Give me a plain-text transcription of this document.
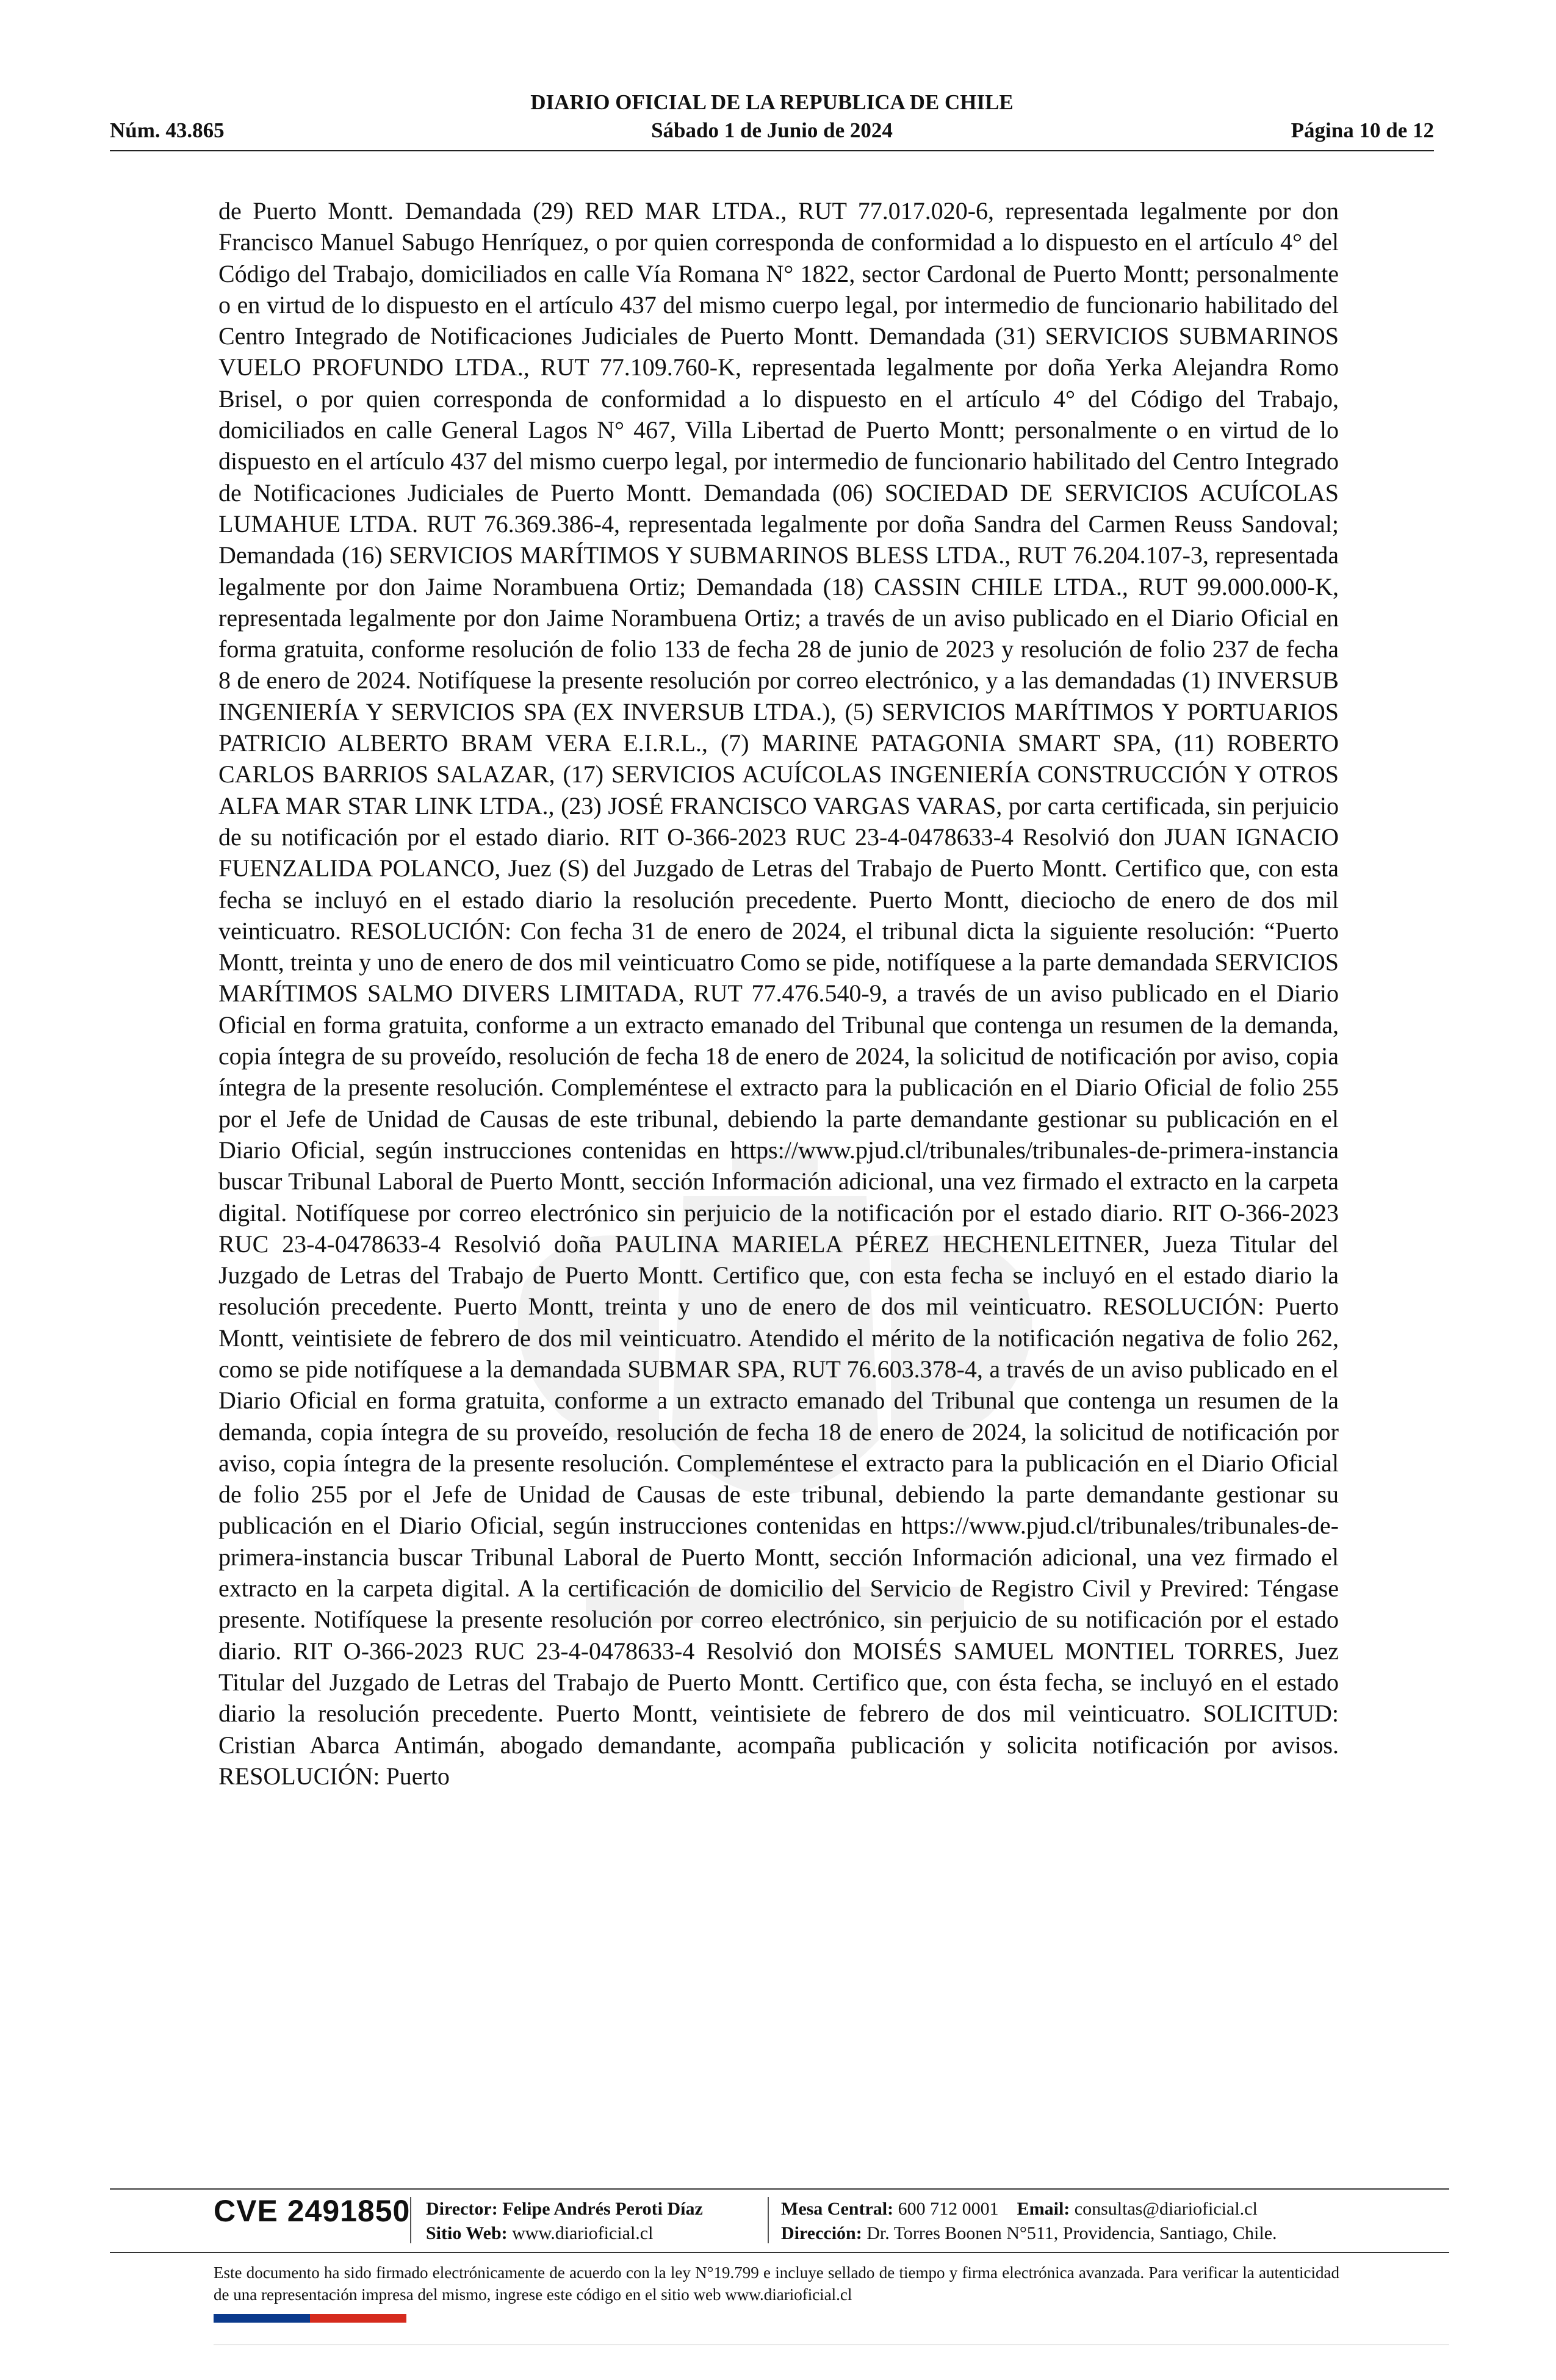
DIARIO OFICIAL DE LA REPUBLICA DE CHILE
Núm. 43.865	Sábado 1 de Junio de 2024	Página 10 de 12

de Puerto Montt. Demandada (29) RED MAR LTDA., RUT 77.017.020-6, representada legalmente por don Francisco Manuel Sabugo Henríquez, o por quien corresponda de conformidad a lo dispuesto en el artículo 4° del Código del Trabajo, domiciliados en calle Vía Romana N° 1822, sector Cardonal de Puerto Montt; personalmente o en virtud de lo dispuesto en el artículo 437 del mismo cuerpo legal, por intermedio de funcionario habilitado del Centro Integrado de Notificaciones Judiciales de Puerto Montt. Demandada (31) SERVICIOS SUBMARINOS VUELO PROFUNDO LTDA., RUT 77.109.760-K, representada legalmente por doña Yerka Alejandra Romo Brisel, o por quien corresponda de conformidad a lo dispuesto en el artículo 4° del Código del Trabajo, domiciliados en calle General Lagos N° 467, Villa Libertad de Puerto Montt; personalmente o en virtud de lo dispuesto en el artículo 437 del mismo cuerpo legal, por intermedio de funcionario habilitado del Centro Integrado de Notificaciones Judiciales de Puerto Montt. Demandada (06) SOCIEDAD DE SERVICIOS ACUÍCOLAS LUMAHUE LTDA. RUT 76.369.386-4, representada legalmente por doña Sandra del Carmen Reuss Sandoval; Demandada (16) SERVICIOS MARÍTIMOS Y SUBMARINOS BLESS LTDA., RUT 76.204.107-3, representada legalmente por don Jaime Norambuena Ortiz; Demandada (18) CASSIN CHILE LTDA., RUT 99.000.000-K, representada legalmente por don Jaime Norambuena Ortiz; a través de un aviso publicado en el Diario Oficial en forma gratuita, conforme resolución de folio 133 de fecha 28 de junio de 2023 y resolución de folio 237 de fecha 8 de enero de 2024. Notifíquese la presente resolución por correo electrónico, y a las demandadas (1) INVERSUB INGENIERÍA Y SERVICIOS SPA (EX INVERSUB LTDA.), (5) SERVICIOS MARÍTIMOS Y PORTUARIOS PATRICIO ALBERTO BRAM VERA E.I.R.L., (7) MARINE PATAGONIA SMART SPA, (11) ROBERTO CARLOS BARRIOS SALAZAR, (17) SERVICIOS ACUÍCOLAS INGENIERÍA CONSTRUCCIÓN Y OTROS ALFA MAR STAR LINK LTDA., (23) JOSÉ FRANCISCO VARGAS VARAS, por carta certificada, sin perjuicio de su notificación por el estado diario. RIT O-366-2023 RUC 23-4-0478633-4 Resolvió don JUAN IGNACIO FUENZALIDA POLANCO, Juez (S) del Juzgado de Letras del Trabajo de Puerto Montt. Certifico que, con esta fecha se incluyó en el estado diario la resolución precedente. Puerto Montt, dieciocho de enero de dos mil veinticuatro. RESOLUCIÓN: Con fecha 31 de enero de 2024, el tribunal dicta la siguiente resolución: “Puerto Montt, treinta y uno de enero de dos mil veinticuatro Como se pide, notifíquese a la parte demandada SERVICIOS MARÍTIMOS SALMO DIVERS LIMITADA, RUT 77.476.540-9, a través de un aviso publicado en el Diario Oficial en forma gratuita, conforme a un extracto emanado del Tribunal que contenga un resumen de la demanda, copia íntegra de su proveído, resolución de fecha 18 de enero de 2024, la solicitud de notificación por aviso, copia íntegra de la presente resolución. Compleméntese el extracto para la publicación en el Diario Oficial de folio 255 por el Jefe de Unidad de Causas de este tribunal, debiendo la parte demandante gestionar su publicación en el Diario Oficial, según instrucciones contenidas en https://www.pjud.cl/tribunales/tribunales-de-primera-instancia buscar Tribunal Laboral de Puerto Montt, sección Información adicional, una vez firmado el extracto en la carpeta digital. Notifíquese por correo electrónico sin perjuicio de la notificación por el estado diario. RIT O-366-2023 RUC 23-4-0478633-4 Resolvió doña PAULINA MARIELA PÉREZ HECHENLEITNER, Jueza Titular del Juzgado de Letras del Trabajo de Puerto Montt. Certifico que, con esta fecha se incluyó en el estado diario la resolución precedente. Puerto Montt, treinta y uno de enero de dos mil veinticuatro. RESOLUCIÓN: Puerto Montt, veintisiete de febrero de dos mil veinticuatro. Atendido el mérito de la notificación negativa de folio 262, como se pide notifíquese a la demandada SUBMAR SPA, RUT 76.603.378-4, a través de un aviso publicado en el Diario Oficial en forma gratuita, conforme a un extracto emanado del Tribunal que contenga un resumen de la demanda, copia íntegra de su proveído, resolución de fecha 18 de enero de 2024, la solicitud de notificación por aviso, copia íntegra de la presente resolución. Compleméntese el extracto para la publicación en el Diario Oficial de folio 255 por el Jefe de Unidad de Causas de este tribunal, debiendo la parte demandante gestionar su publicación en el Diario Oficial, según instrucciones contenidas en https://www.pjud.cl/tribunales/tribunales-de-primera-instancia buscar Tribunal Laboral de Puerto Montt, sección Información adicional, una vez firmado el extracto en la carpeta digital. A la certificación de domicilio del Servicio de Registro Civil y Previred: Téngase presente. Notifíquese la presente resolución por correo electrónico, sin perjuicio de su notificación por el estado diario. RIT O-366-2023 RUC 23-4-0478633-4 Resolvió don MOISÉS SAMUEL MONTIEL TORRES, Juez Titular del Juzgado de Letras del Trabajo de Puerto Montt. Certifico que, con ésta fecha, se incluyó en el estado diario la resolución precedente. Puerto Montt, veintisiete de febrero de dos mil veinticuatro. SOLICITUD: Cristian Abarca Antimán, abogado demandante, acompaña publicación y solicita notificación por avisos. RESOLUCIÓN: Puerto

CVE 2491850 Director: Felipe Andrés Peroti Díaz
Sitio Web: www.diarioficial.cl
Mesa Central: 600 712 0001 Email: consultas@diarioficial.cl
Dirección: Dr. Torres Boonen N°511, Providencia, Santiago, Chile.
Este documento ha sido firmado electrónicamente de acuerdo con la ley N°19.799 e incluye sellado de tiempo y firma electrónica avanzada. Para verificar la autenticidad de una representación impresa del mismo, ingrese este código en el sitio web www.diarioficial.cl
